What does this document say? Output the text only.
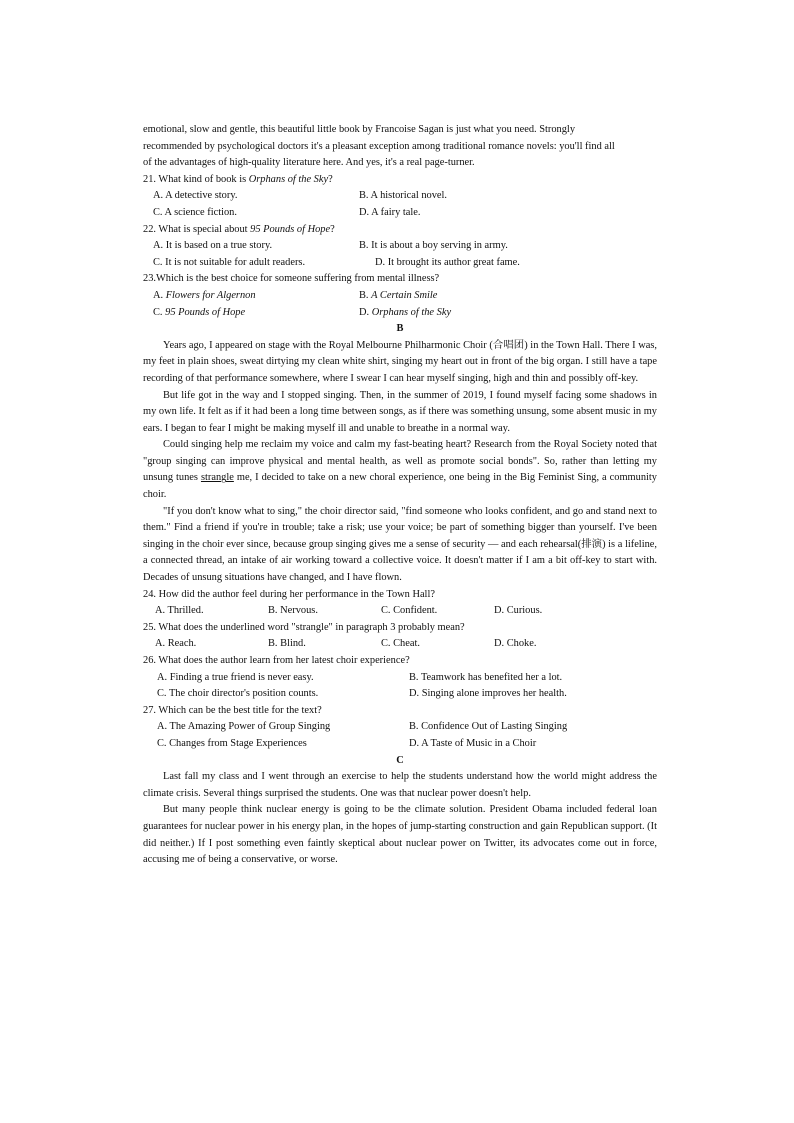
emotional, slow and gentle, this beautiful little book by Francoise Sagan is just what you need. Strongly
recommended by psychological doctors it's a pleasant exception among traditional romance novels: you'll find all
of the advantages of high-quality literature here. And yes, it's a real page-turner.

21. What kind of book is Orphans of the Sky?

A. A detective story.	B. A historical novel.
C. A science fiction.	D. A fairy tale.

22. What is special about 95 Pounds of Hope?

A. It is based on a true story.	B. It is about a boy serving in army.
C. It is not suitable for adult readers.	D. It brought its author great fame.

23.Which is the best choice for someone suffering from mental illness?

A. Flowers for Algernon	B. A Certain Smile
C. 95 Pounds of Hope	D. Orphans of the Sky

B

Years ago, I appeared on stage with the Royal Melbourne Philharmonic Choir (合唱团) in the Town Hall. There I was, my feet in plain shoes, sweat dirtying my clean white shirt, singing my heart out in front of the big organ. I still have a tape recording of that performance somewhere, where I swear I can hear myself singing, high and thin and possibly off-key.

But life got in the way and I stopped singing. Then, in the summer of 2019, I found myself facing some shadows in my own life. It felt as if it had been a long time between songs, as if there was something unsung, some absent music in my ears. I began to fear I might be making myself ill and unable to breathe in a normal way.

Could singing help me reclaim my voice and calm my fast-beating heart? Research from the Royal Society noted that "group singing can improve physical and mental health, as well as promote social bonds". So, rather than letting my unsung tunes strangle me, I decided to take on a new choral experience, one being in the Big Feminist Sing, a community choir.

"If you don't know what to sing," the choir director said, "find someone who looks confident, and go and stand next to them." Find a friend if you're in trouble; take a risk; use your voice; be part of something bigger than yourself. I've been singing in the choir ever since, because group singing gives me a sense of security — and each rehearsal(排演) is a lifeline, a connected thread, an intake of air working toward a collective voice. It doesn't matter if I am a bit off-key to start with. Decades of unsung situations have changed, and I have flown.

24. How did the author feel during her performance in the Town Hall?

A. Thrilled.	B. Nervous.	C. Confident.	D. Curious.

25. What does the underlined word "strangle" in paragraph 3 probably mean?

A. Reach.	B. Blind.	C. Cheat.	D. Choke.

26. What does the author learn from her latest choir experience?

A. Finding a true friend is never easy.	B. Teamwork has benefited her a lot.
C. The choir director's position counts.	D. Singing alone improves her health.

27. Which can be the best title for the text?

A. The Amazing Power of Group Singing	B. Confidence Out of Lasting Singing
C. Changes from Stage Experiences	D. A Taste of Music in a Choir

C

Last fall my class and I went through an exercise to help the students understand how the world might address the climate crisis. Several things surprised the students. One was that nuclear power doesn't help.

But many people think nuclear energy is going to be the climate solution. President Obama included federal loan guarantees for nuclear power in his energy plan, in the hopes of jump-starting construction and gain Republican support. (It did neither.) If I post something even faintly skeptical about nuclear power on Twitter, its advocates come out in force, accusing me of being a conservative, or worse.
